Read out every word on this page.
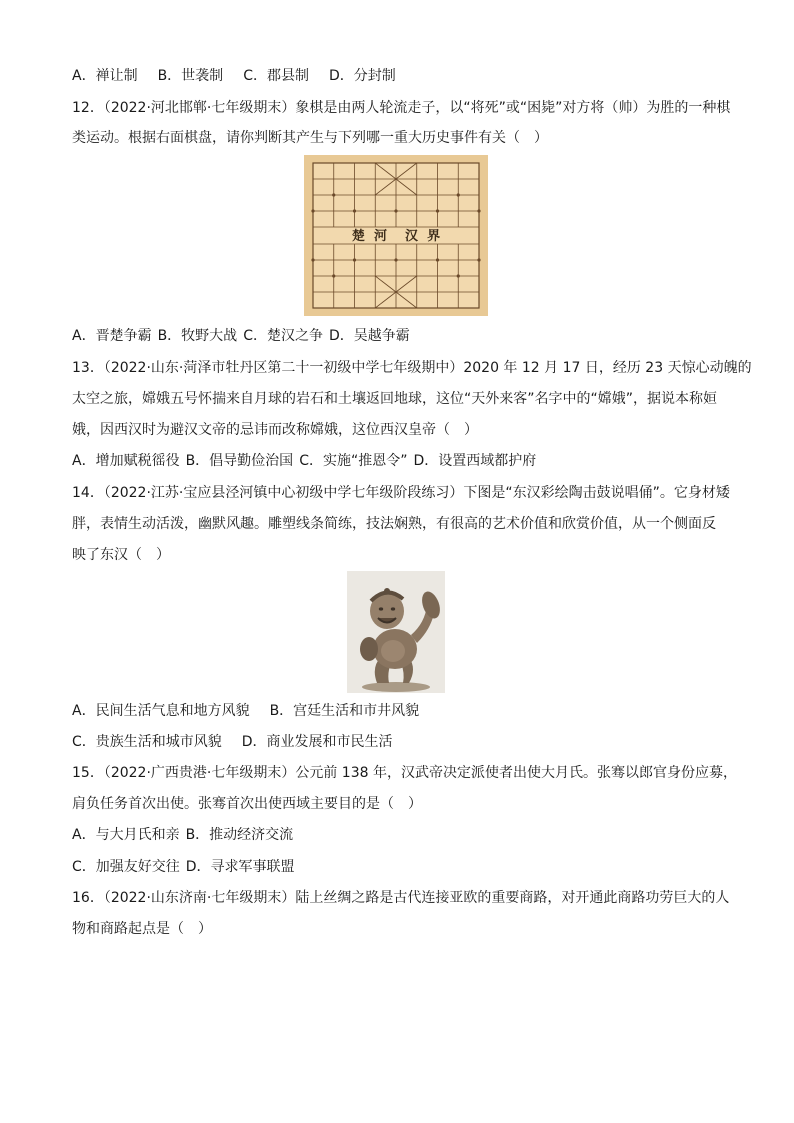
A．禅让制 B．世袭制 C．郡县制 D．分封制
12．（2022·河北邯郸·七年级期末）象棋是由两人轮流走子，以“将死”或“困毙”对方将（帅）为胜的一种棋
类运动。根据右面棋盘，请你判断其产生与下列哪一重大历史事件有关（　）
楚  河    汉  界
A．晋楚争霸 B．牧野大战 C．楚汉之争 D．吴越争霸
13．（2022·山东·菏泽市牡丹区第二十一初级中学七年级期中）2020 年 12 月 17 日，经历 23 天惊心动魄的
太空之旅，嫦娥五号怀揣来自月球的岩石和土壤返回地球，这位“天外来客”名字中的“嫦娥”，据说本称姮
娥，因西汉时为避汉文帝的忌讳而改称嫦娥，这位西汉皇帝（　）
A．增加赋税徭役 B．倡导勤俭治国 C．实施“推恩令” D．设置西域都护府
14．（2022·江苏·宝应县泾河镇中心初级中学七年级阶段练习）下图是“东汉彩绘陶击鼓说唱俑”。它身材矮
胖，表情生动活泼，幽默风趣。雕塑线条简练，技法娴熟，有很高的艺术价值和欣赏价值，从一个侧面反
映了东汉（　）
A．民间生活气息和地方风貌 B．宫廷生活和市井风貌
C．贵族生活和城市风貌 D．商业发展和市民生活
15．（2022·广西贵港·七年级期末）公元前 138 年，汉武帝决定派使者出使大月氏。张骞以郎官身份应募，
肩负任务首次出使。张骞首次出使西域主要目的是（　）
A．与大月氏和亲 B．推动经济交流
C．加强友好交往 D．寻求军事联盟
16．（2022·山东济南·七年级期末）陆上丝绸之路是古代连接亚欧的重要商路，对开通此商路功劳巨大的人
物和商路起点是（　）
